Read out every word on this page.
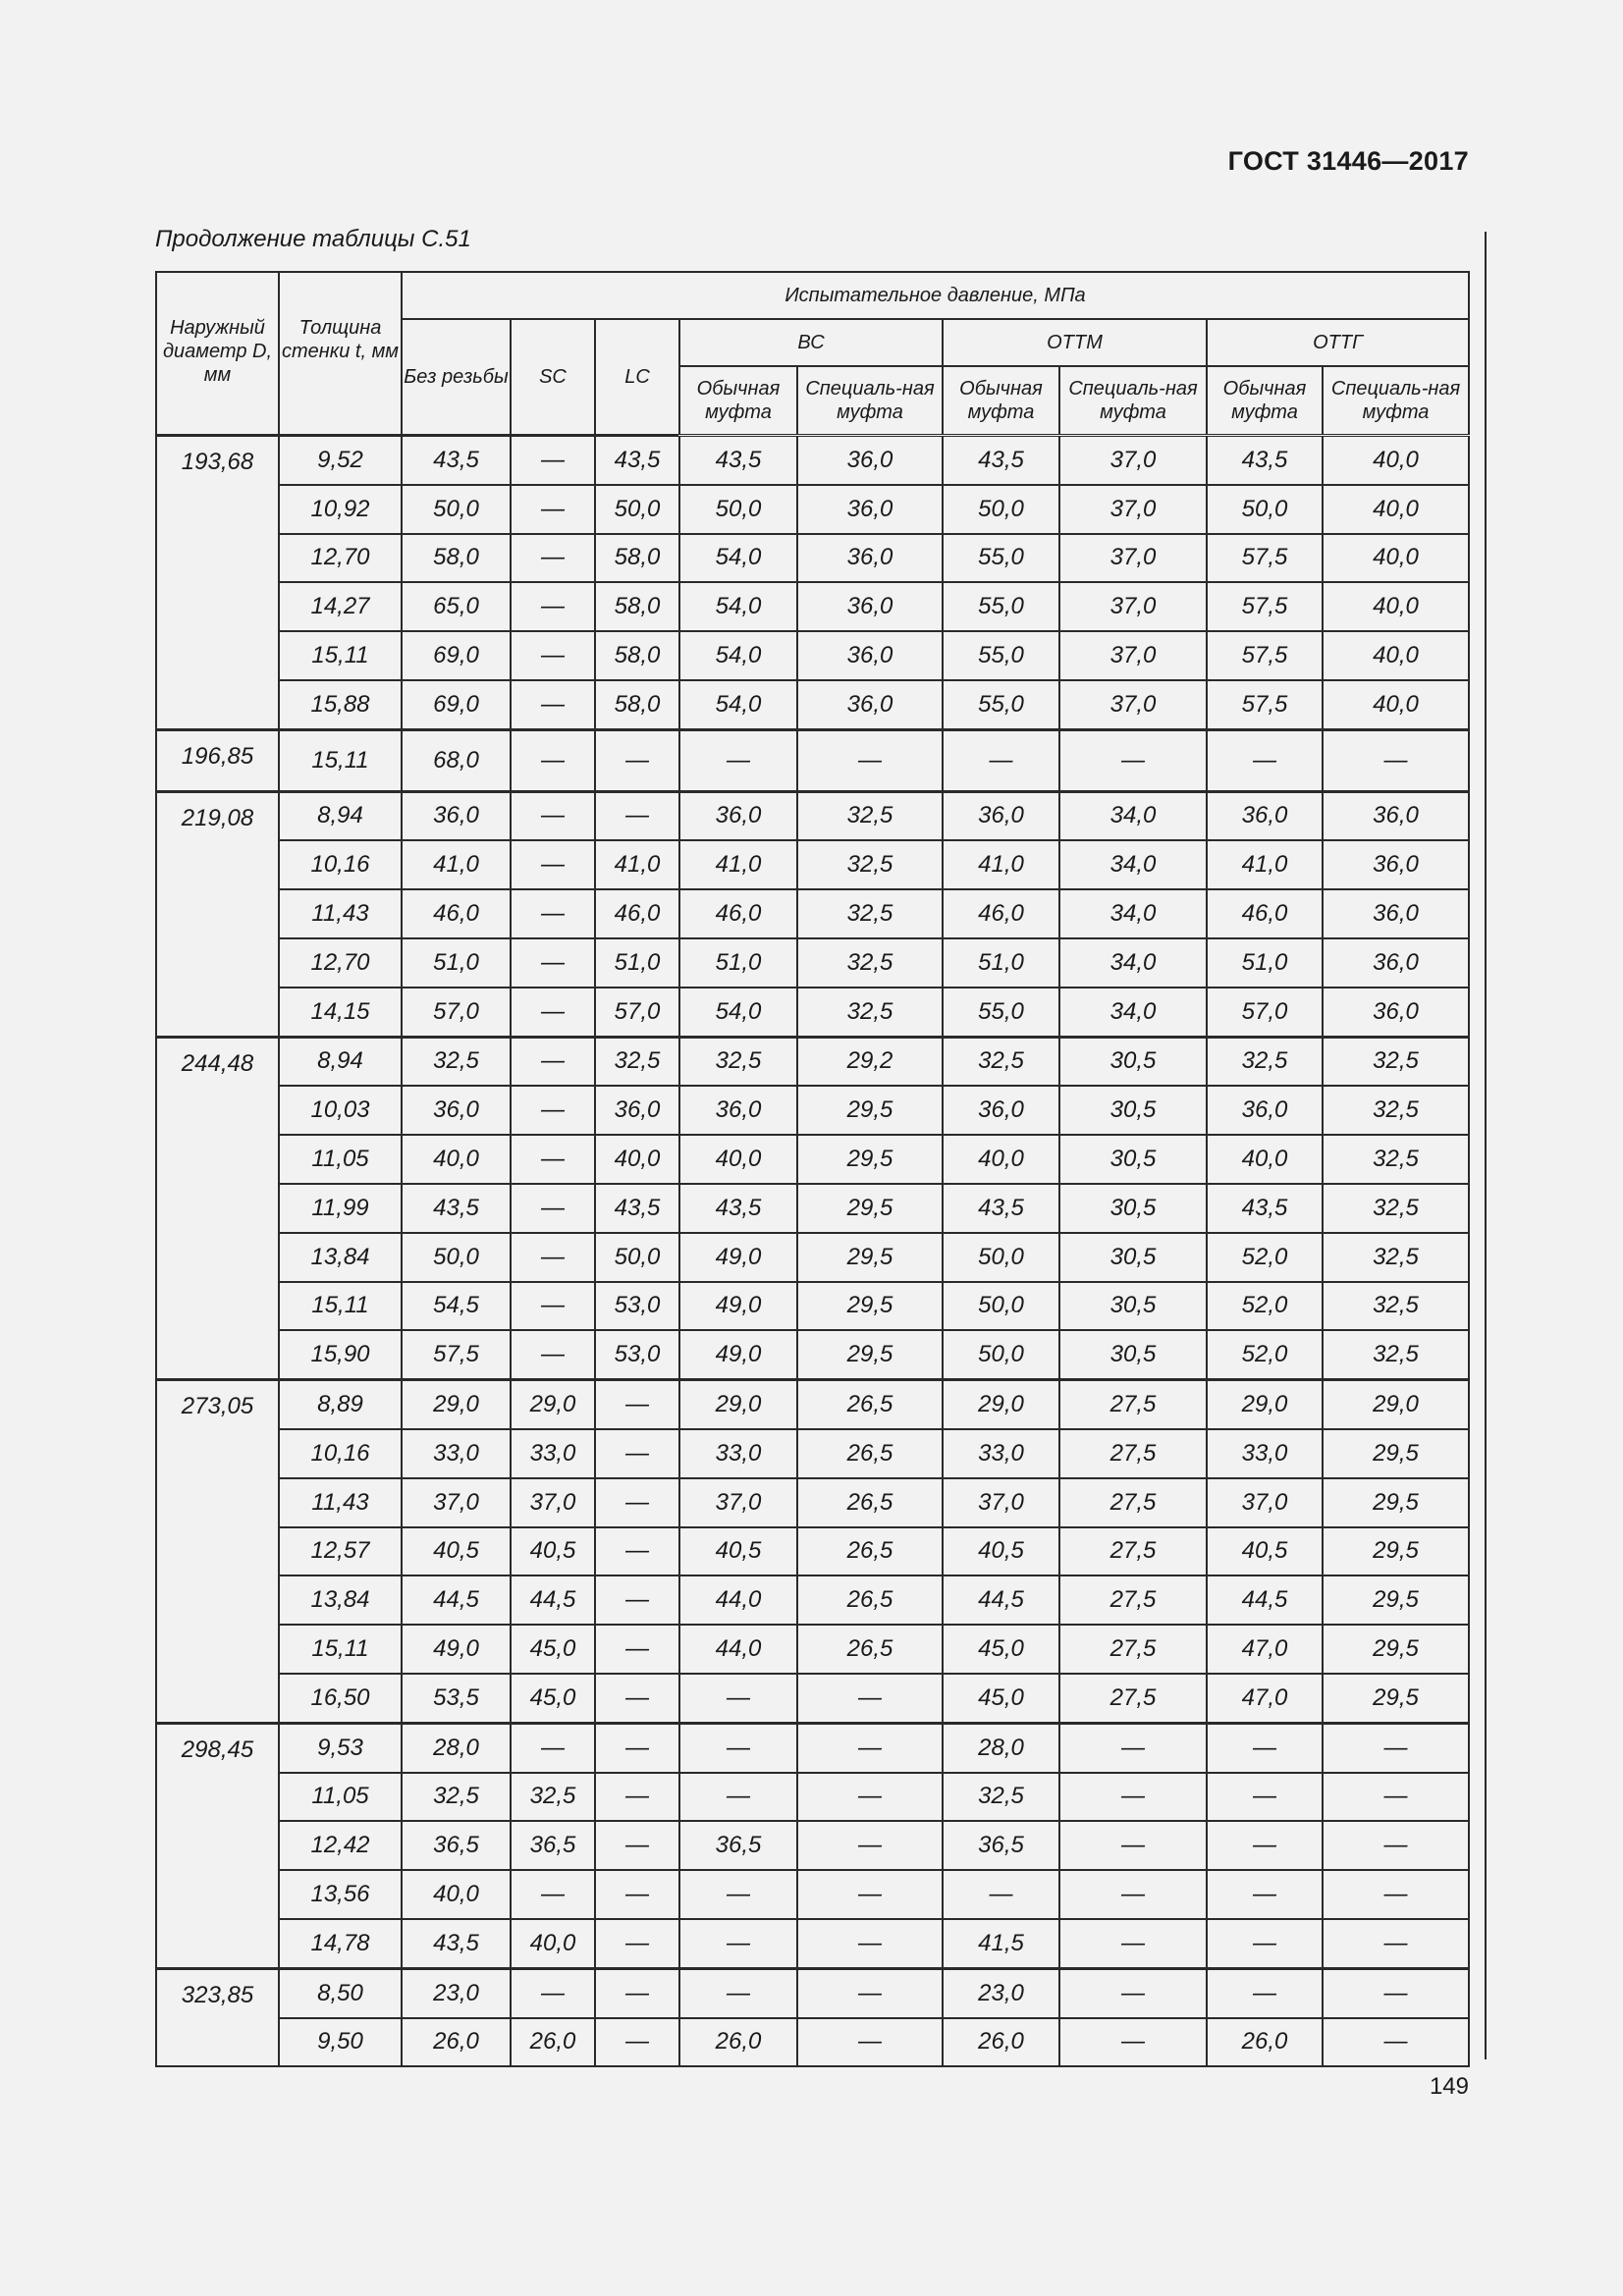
ГОСТ 31446—2017
Продолжение таблицы С.51
Наружный диаметр D, мм	Толщина стенки t, мм	Испытательное давление, МПа								
		Без резьбы	SC	LC	ВС		ОТТМ		ОТТГ	
					Обычная муфта	Специаль-ная муфта	Обычная муфта	Специаль-ная муфта	Обычная муфта	Специаль-ная муфта
193,68	9,52	43,5	—	43,5	43,5	36,0	43,5	37,0	43,5	40,0
	10,92	50,0	—	50,0	50,0	36,0	50,0	37,0	50,0	40,0
	12,70	58,0	—	58,0	54,0	36,0	55,0	37,0	57,5	40,0
	14,27	65,0	—	58,0	54,0	36,0	55,0	37,0	57,5	40,0
	15,11	69,0	—	58,0	54,0	36,0	55,0	37,0	57,5	40,0
	15,88	69,0	—	58,0	54,0	36,0	55,0	37,0	57,5	40,0
196,85	15,11	68,0	—	—	—	—	—	—	—	—
219,08	8,94	36,0	—	—	36,0	32,5	36,0	34,0	36,0	36,0
	10,16	41,0	—	41,0	41,0	32,5	41,0	34,0	41,0	36,0
	11,43	46,0	—	46,0	46,0	32,5	46,0	34,0	46,0	36,0
	12,70	51,0	—	51,0	51,0	32,5	51,0	34,0	51,0	36,0
	14,15	57,0	—	57,0	54,0	32,5	55,0	34,0	57,0	36,0
244,48	8,94	32,5	—	32,5	32,5	29,2	32,5	30,5	32,5	32,5
	10,03	36,0	—	36,0	36,0	29,5	36,0	30,5	36,0	32,5
	11,05	40,0	—	40,0	40,0	29,5	40,0	30,5	40,0	32,5
	11,99	43,5	—	43,5	43,5	29,5	43,5	30,5	43,5	32,5
	13,84	50,0	—	50,0	49,0	29,5	50,0	30,5	52,0	32,5
	15,11	54,5	—	53,0	49,0	29,5	50,0	30,5	52,0	32,5
	15,90	57,5	—	53,0	49,0	29,5	50,0	30,5	52,0	32,5
273,05	8,89	29,0	29,0	—	29,0	26,5	29,0	27,5	29,0	29,0
	10,16	33,0	33,0	—	33,0	26,5	33,0	27,5	33,0	29,5
	11,43	37,0	37,0	—	37,0	26,5	37,0	27,5	37,0	29,5
	12,57	40,5	40,5	—	40,5	26,5	40,5	27,5	40,5	29,5
	13,84	44,5	44,5	—	44,0	26,5	44,5	27,5	44,5	29,5
	15,11	49,0	45,0	—	44,0	26,5	45,0	27,5	47,0	29,5
	16,50	53,5	45,0	—	—	—	45,0	27,5	47,0	29,5
298,45	9,53	28,0	—	—	—	—	28,0	—	—	—
	11,05	32,5	32,5	—	—	—	32,5	—	—	—
	12,42	36,5	36,5	—	36,5	—	36,5	—	—	—
	13,56	40,0	—	—	—	—	—	—	—	—
	14,78	43,5	40,0	—	—	—	41,5	—	—	—
323,85	8,50	23,0	—	—	—	—	23,0	—	—	—
	9,50	26,0	26,0	—	26,0	—	26,0	—	26,0	—
149
